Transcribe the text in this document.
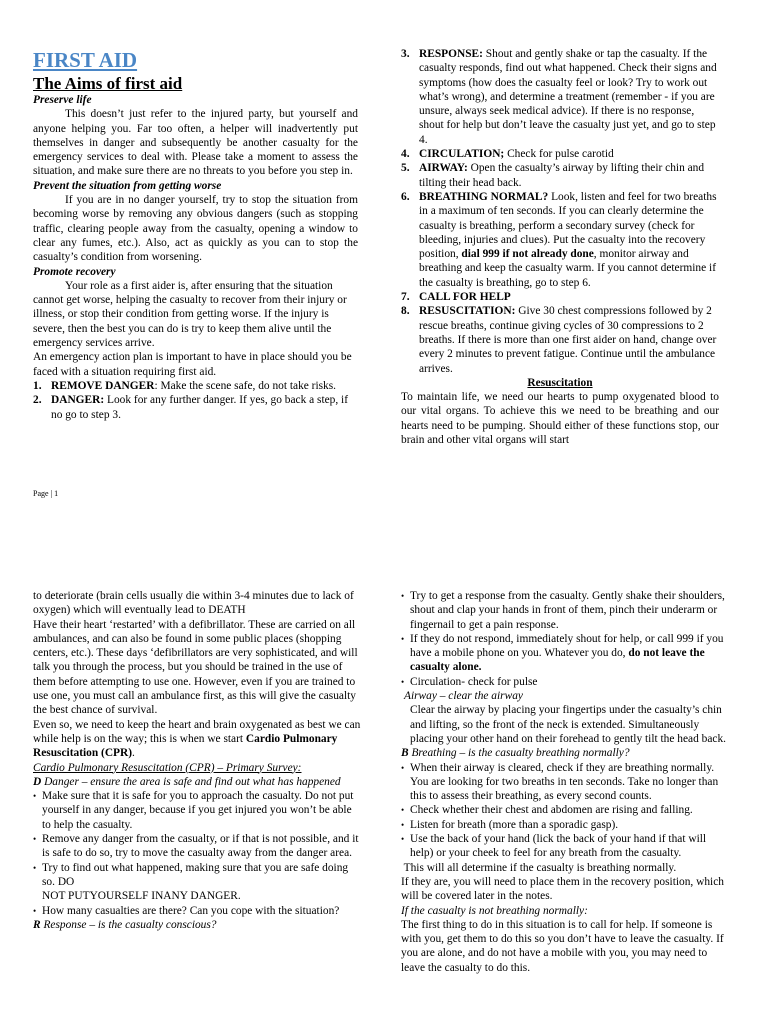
FIRST AID
The Aims of first aid
Preserve life

This doesn’t just refer to the injured party, but yourself and anyone helping you. Far too often, a helper will inadvertently put themselves in danger and subsequently be another casualty for the emergency services to deal with. Please take a moment to assess the situation, and make sure there are no threats to you before you step in.

Prevent the situation from getting worse

If you are in no danger yourself, try to stop the situation from becoming worse by removing any obvious dangers (such as stopping traffic, clearing people away from the casualty, opening a window to clear any fumes, etc.). Also, act as quickly as you can to stop the casualty’s condition from worsening.

Promote recovery

Your role as a first aider is, after ensuring that the situation cannot get worse, helping the casualty to recover from their injury or illness, or stop their condition from getting worse. If the injury is severe, then the best you can do is try to keep them alive until the emergency services arrive.

An emergency action plan is important to have in place should you be faced with a situation requiring first aid.

1. REMOVE DANGER: Make the scene safe, do not take risks.
2. DANGER: Look for any further danger. If yes, go back a step, if no go to step 3.
3. RESPONSE: Shout and gently shake or tap the casualty. If the casualty responds, find out what happened. Check their signs and symptoms (how does the casualty feel or look? Try to work out what’s wrong), and determine a treatment (remember - if you are unsure, always seek medical advice). If there is no response, shout for help but don’t leave the casualty just yet, and go to step 4.
4. CIRCULATION; Check for pulse carotid
5. AIRWAY: Open the casualty’s airway by lifting their chin and tilting their head back.
6. BREATHING NORMAL? Look, listen and feel for two breaths in a maximum of ten seconds. If you can clearly determine the casualty is breathing, perform a secondary survey (check for bleeding, injuries and clues). Put the casualty into the recovery position, dial 999 if not already done, monitor airway and breathing and keep the casualty warm. If you cannot determine if the casualty is breathing, go to step 6.
7. CALL FOR HELP
8. RESUSCITATION: Give 30 chest compressions followed by 2 rescue breaths, continue giving cycles of 30 compressions to 2 breaths. If there is more than one first aider on hand, change over every 2 minutes to prevent fatigue. Continue until the ambulance arrives.
Resuscitation

To maintain life, we need our hearts to pump oxygenated blood to our vital organs. To achieve this we need to be breathing and our hearts need to be pumping. Should either of these functions stop, our brain and other vital organs will start

Page | 1

to deteriorate (brain cells usually die within 3-4 minutes due to lack of oxygen) which will eventually lead to DEATH

Have their heart ‘restarted’ with a defibrillator. These are carried on all ambulances, and can also be found in some public places (shopping centers, etc.). These days ‘defibrillators are very sophisticated, and will talk you through the process, but you should be trained in the use of them before attempting to use one. However, even if you are trained to use one, you must call an ambulance first, as this will give the casualty the best chance of survival.

Even so, we need to keep the heart and brain oxygenated as best we can while help is on the way; this is when we start Cardio Pulmonary Resuscitation (CPR).

Cardio Pulmonary Resuscitation (CPR) – Primary Survey:
D Danger – ensure the area is safe and find out what has happened
• Make sure that it is safe for you to approach the casualty. Do not put yourself in any danger, because if you get injured you won’t be able to help the casualty.
• Remove any danger from the casualty, or if that is not possible, and it is safe to do so, try to move the casualty away from the danger area.
• Try to find out what happened, making sure that you are safe doing so. DO
NOT PUTYOURSELF INANY DANGER.
• How many casualties are there? Can you cope with the situation?
R Response – is the casualty conscious?
• Try to get a response from the casualty. Gently shake their shoulders, shout and clap your hands in front of them, pinch their underarm or fingernail to get a pain response.
• If they do not respond, immediately shout for help, or call 999 if you have a mobile phone on you. Whatever you do, do not leave the casualty alone.
• Circulation- check for pulse
Airway – clear the airway
Clear the airway by placing your fingertips under the casualty’s chin and lifting, so the front of the neck is extended. Simultaneously placing your other hand on their forehead to gently tilt the head back.
B Breathing – is the casualty breathing normally?
• When their airway is cleared, check if they are breathing normally. You are looking for two breaths in ten seconds. Take no longer than this to assess their breathing, as every second counts.
• Check whether their chest and abdomen are rising and falling.
• Listen for breath (more than a sporadic gasp).
• Use the back of your hand (lick the back of your hand if that will help) or your cheek to feel for any breath from the casualty.

This will all determine if the casualty is breathing normally.

If they are, you will need to place them in the recovery position, which will be covered later in the notes.

If the casualty is not breathing normally:

The first thing to do in this situation is to call for help. If someone is with you, get them to do this so you don’t have to leave the casualty. If you are alone, and do not have a mobile with you, you may need to leave the casualty to do this.
